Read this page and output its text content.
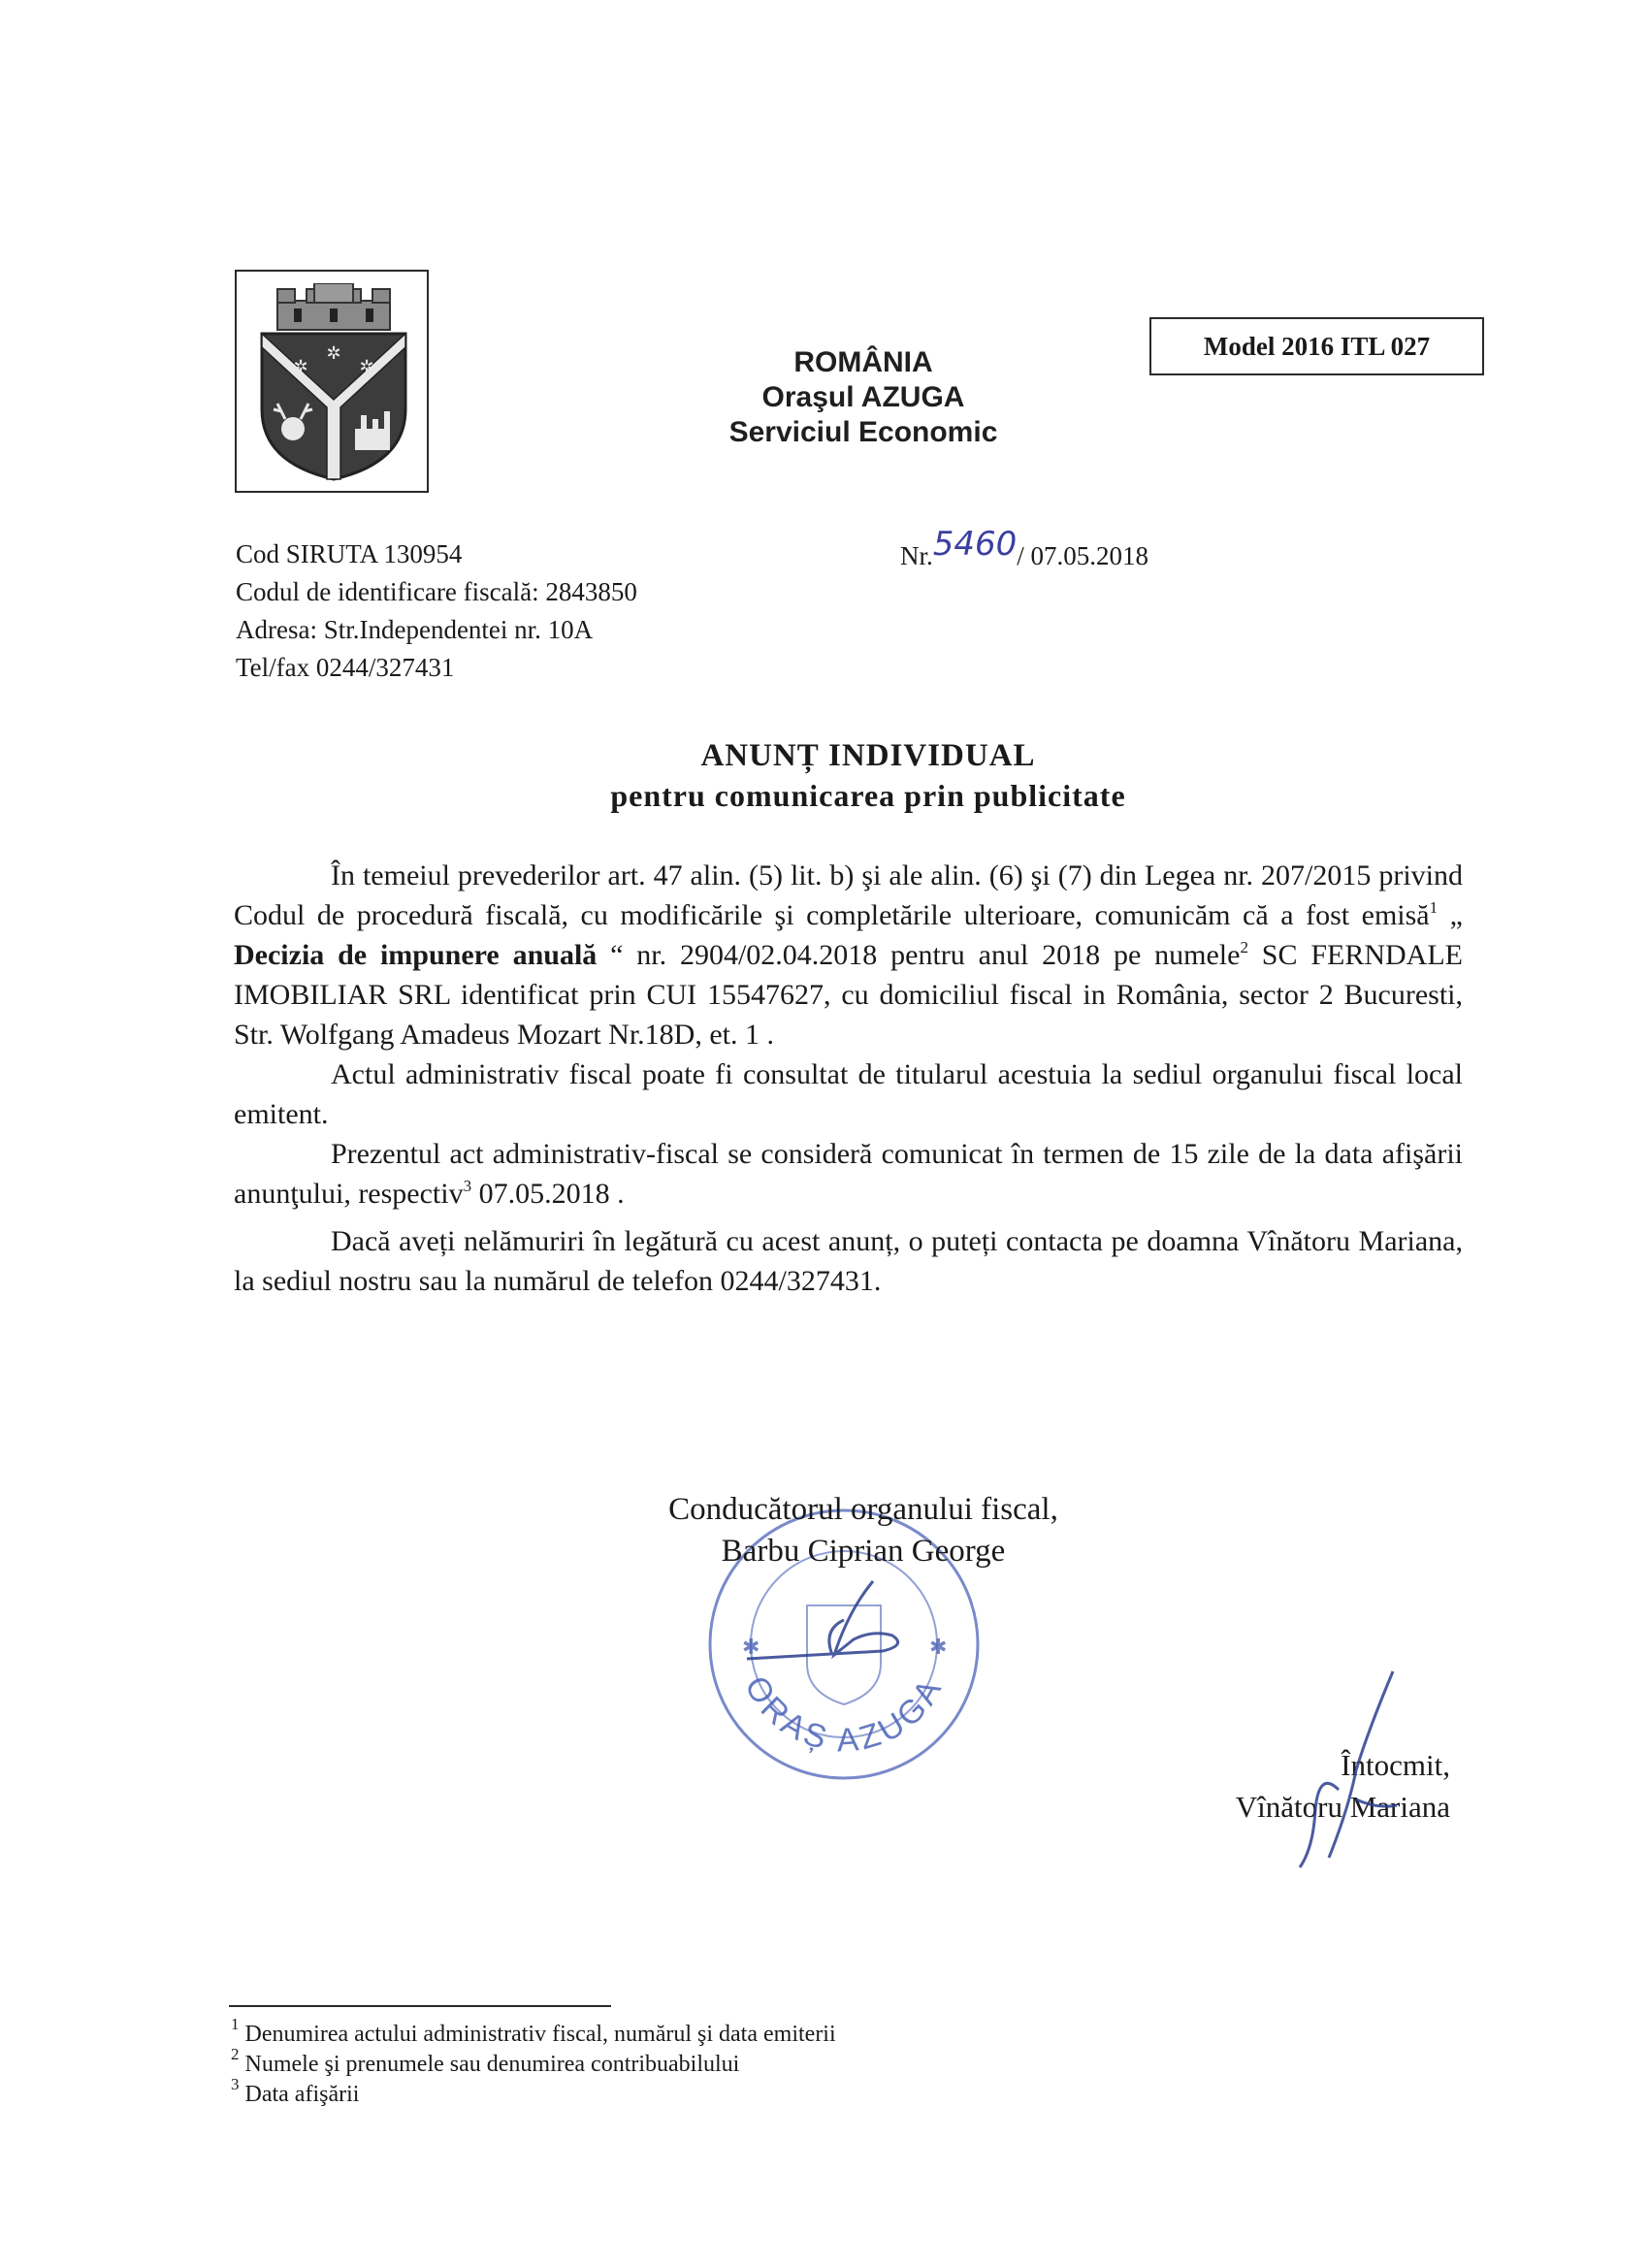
✲
✲
✲	ROMÂNIA
Oraşul AZUGA
Serviciul Economic
Model 2016 ITL 027
Cod SIRUTA 130954
Codul de identificare fiscală: 2843850
Adresa: Str.Independentei nr. 10A
Tel/fax 0244/327431
Nr.5460/ 07.05.2018
ANUNȚ INDIVIDUAL
pentru comunicarea prin publicitate

În temeiul prevederilor art. 47 alin. (5) lit. b) şi ale alin. (6) şi (7) din Legea nr. 207/2015 privind Codul de procedură fiscală, cu modificările şi completările ulterioare, comunicăm că a fost emisă$^1$ „ Decizia de impunere anuală “ nr. 2904/02.04.2018 pentru anul 2018 pe numele$^2$ SC FERNDALE IMOBILIAR SRL identificat prin CUI 15547627, cu domiciliul fiscal in România, sector 2 Bucuresti, Str. Wolfgang Amadeus Mozart Nr.18D, et. 1 .

Actul administrativ fiscal poate fi consultat de titularul acestuia la sediul organului fiscal local emitent.

Prezentul act administrativ-fiscal se consideră comunicat în termen de 15 zile de la data afişării anunţului, respectiv$^3$ 07.05.2018 .

Dacă aveți nelămuriri în legătură cu acest anunț, o puteți contacta pe doamna Vînătoru Mariana, la sediul nostru sau la numărul de telefon 0244/327431.

✱	✱
ORAȘ AZUGA
Conducătorul organului fiscal,
Barbu Ciprian George
Întocmit,
Vînătoru Mariana
$^1$ Denumirea actului administrativ fiscal, numărul şi data emiterii
$^2$ Numele şi prenumele sau denumirea contribuabilului
$^3$ Data afişării
